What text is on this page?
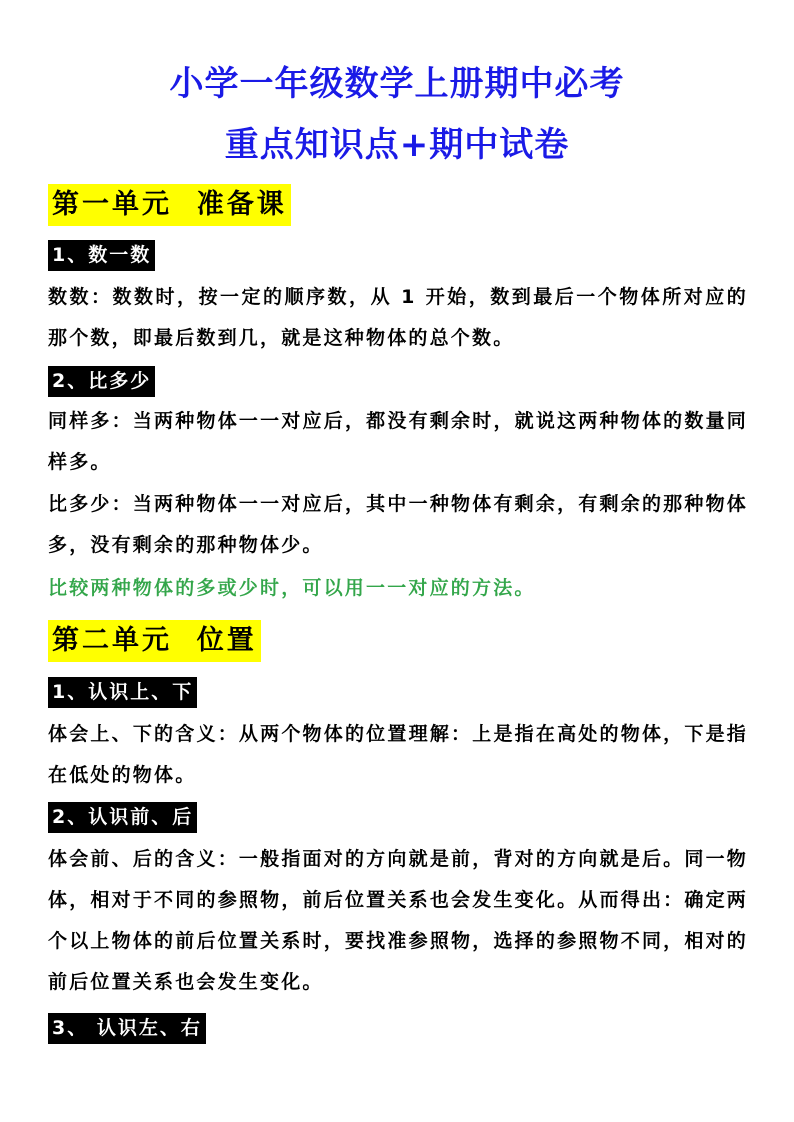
小学一年级数学上册期中必考
重点知识点+期中试卷
第一单元  准备课
1、数一数
数数：数数时，按一定的顺序数，从 1 开始，数到最后一个物体所对应的那个数，即最后数到几，就是这种物体的总个数。
2、比多少
同样多：当两种物体一一对应后，都没有剩余时，就说这两种物体的数量同样多。
比多少：当两种物体一一对应后，其中一种物体有剩余，有剩余的那种物体多，没有剩余的那种物体少。
比较两种物体的多或少时，可以用一一对应的方法。
第二单元  位置
1、认识上、下
体会上、下的含义：从两个物体的位置理解：上是指在高处的物体，下是指在低处的物体。
2、认识前、后
体会前、后的含义：一般指面对的方向就是前，背对的方向就是后。同一物体，相对于不同的参照物，前后位置关系也会发生变化。从而得出：确定两个以上物体的前后位置关系时，要找准参照物，选择的参照物不同，相对的前后位置关系也会发生变化。
3、 认识左、右
